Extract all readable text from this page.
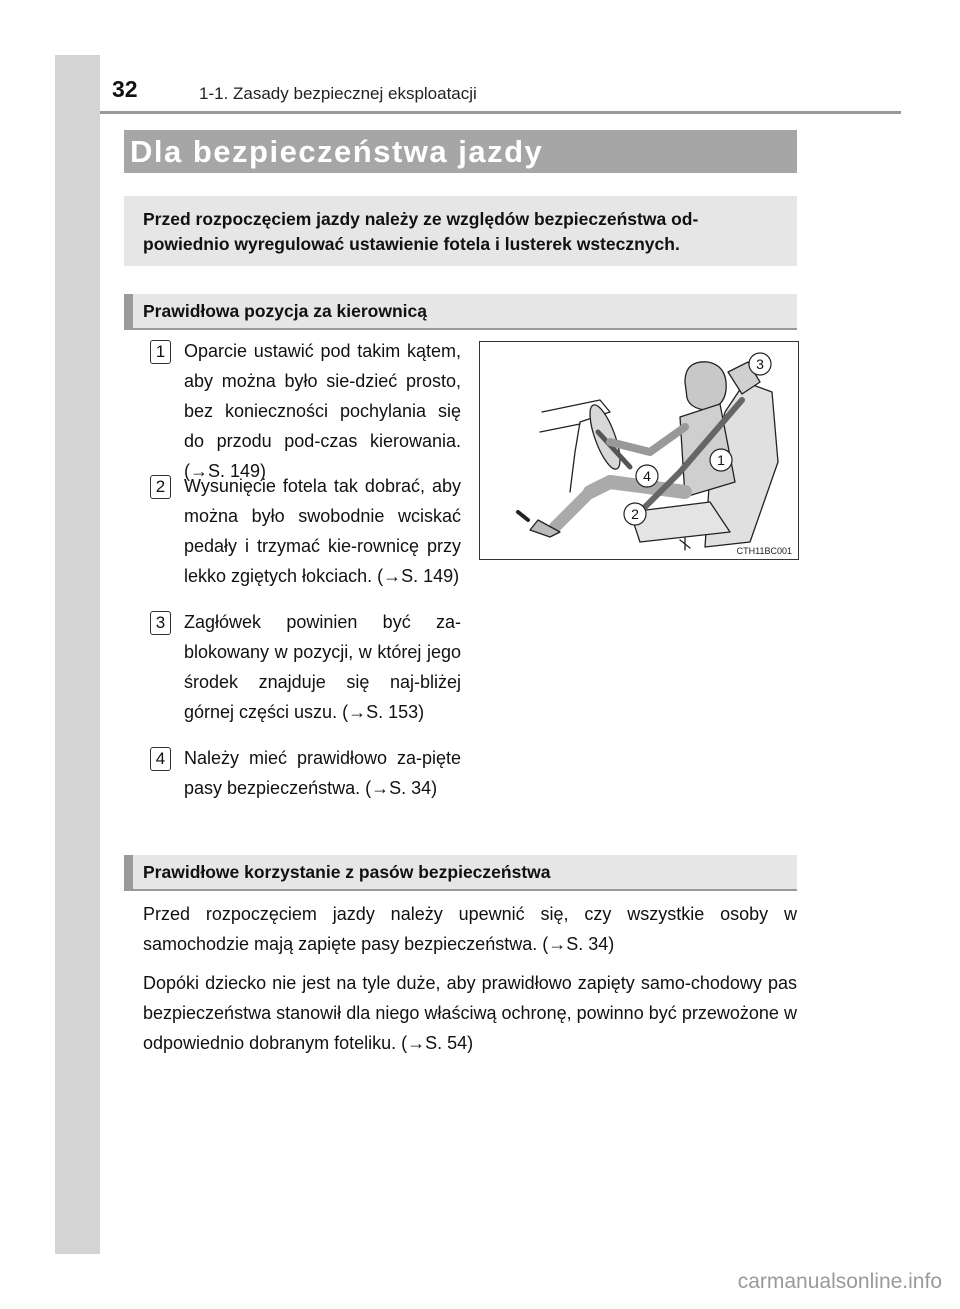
32	1-1. Zasady bezpiecznej eksploatacji
Dla bezpieczeństwa jazdy
Przed rozpoczęciem jazdy należy ze względów bezpieczeństwa od-powiednio wyregulować ustawienie fotela i lusterek wstecznych.
Prawidłowa pozycja za kierownicą
1	Oparcie ustawić pod takim kątem, aby można było sie-dzieć prosto, bez konieczności pochylania się do przodu pod-czas kierowania. (→S. 149)
2	Wysunięcie fotela tak dobrać, aby można było swobodnie wciskać pedały i trzymać kie-rownicę przy lekko zgiętych łokciach. (→S. 149)
3	Zagłówek powinien być za-blokowany w pozycji, w której jego środek znajduje się naj-bliżej górnej części uszu. (→S. 153)
4	Należy mieć prawidłowo za-pięte pasy bezpieczeństwa. (→S. 34)
3
1
4
2
CTH11BC001
Prawidłowe korzystanie z pasów bezpieczeństwa
Przed rozpoczęciem jazdy należy upewnić się, czy wszystkie osoby w samochodzie mają zapięte pasy bezpieczeństwa. (→S. 34)
Dopóki dziecko nie jest na tyle duże, aby prawidłowo zapięty samo-chodowy pas bezpieczeństwa stanowił dla niego właściwą ochronę, powinno być przewożone w odpowiednio dobranym foteliku. (→S. 54)
carmanualsonline.info
